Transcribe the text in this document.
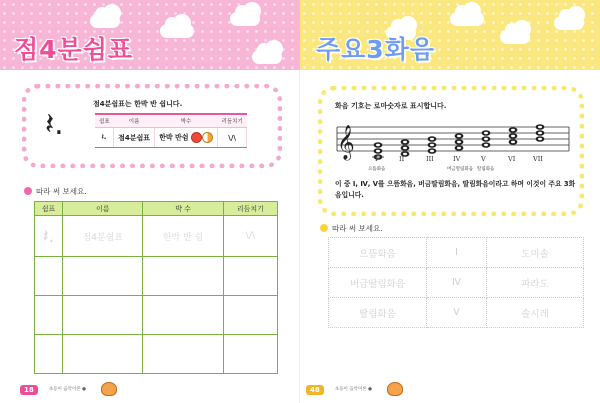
점4분쉼표
𝄽.
점4분쉼표는 한박 반 쉽니다.
쉼표	이름	박수	리듬치기
𝄽.	점4분쉼표	한박 반쉼	\/\
따라 써 보세요.
쉼표	이름	박 수	리듬치기
𝄽.	점4분쉼표	한박 반 쉼	\/\

18	초등이 음악이론 ●
주요3화음
화음 기호는 로마숫자로 표시합니다.
𝄞	I	II	III	IV	V	VI	VII
으뜸화음	버금딸림화음 딸림화음
이 중 Ⅰ, Ⅳ, Ⅴ를 으뜸화음, 버금딸림화음, 딸림화음이라고 하며 이것이 주요 3화음입니다.
따라 써 보세요.
으뜸화음	Ⅰ	도미솔
버금딸림화음	Ⅳ	파라도
딸림화음	Ⅴ	솔시레
48	초등이 음악이론 ●
